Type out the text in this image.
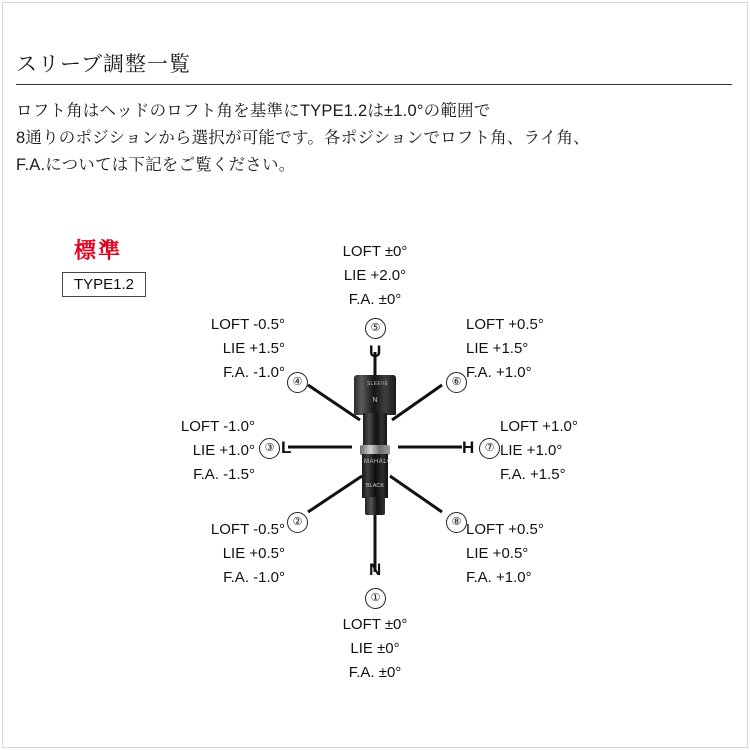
スリーブ調整一覧
ロフト角はヘッドのロフト角を基準にTYPE1.2は±1.0°の範囲で
8通りのポジションから選択が可能です。各ポジションでロフト角、ライ角、
F.A.については下記をご覧ください。
標準
TYPE1.2
SLEEVE
N
MAHALO
BLACK
U
L	H
N
①
②
③
④
⑤
⑥
⑦
⑧
LOFT ±0°
LIE +2.0°
F.A. ±0°
LOFT -0.5°
LIE +1.5°
F.A. -1.0°
LOFT -1.0°
LIE +1.0°
F.A. -1.5°
LOFT -0.5°
LIE +0.5°
F.A. -1.0°
LOFT ±0°
LIE ±0°
F.A. ±0°
LOFT +0.5°
LIE +1.5°
F.A. +1.0°
LOFT +1.0°
LIE +1.0°
F.A. +1.5°
LOFT +0.5°
LIE +0.5°
F.A. +1.0°
